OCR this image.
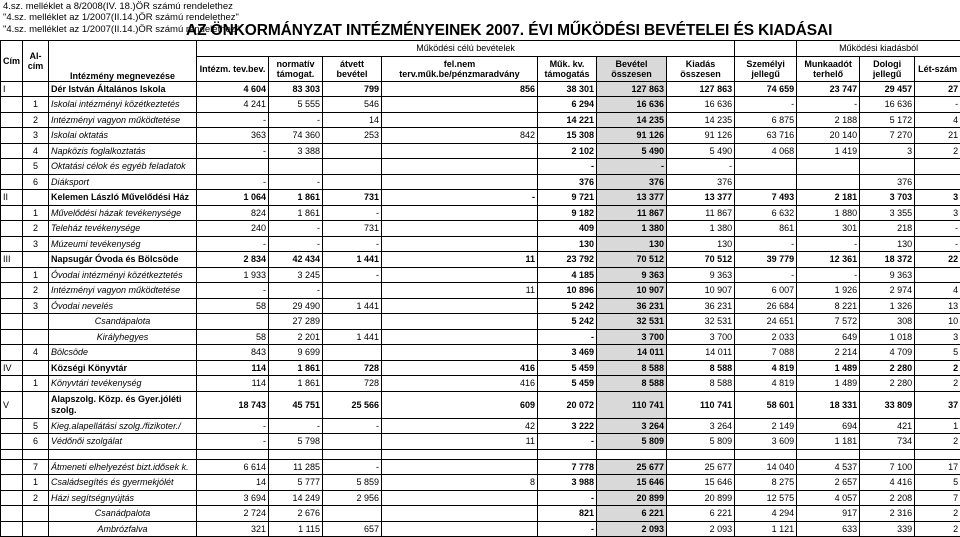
4.sz. melléklet a 8/2008(IV. 18.)ÖR számú rendelethez
"4.sz. melléklet az 1/2007(II.14.)ÖR számú rendelethez"
"4.sz. melléklet az 1/2007(II.14.)ÖR számú rendelethez"
AZ ÖNKORMÁNYZAT INTÉZMÉNYEINEK 2007. ÉVI MŰKÖDÉSI BEVÉTELEI ÉS KIADÁSAI
Cím	Al-cím	Intézmény megnevezése	Működési célú bevételek								Működési kiadásból		
			Intézm. tev.bev.	normatív támogat.	átvett bevétel	fel.nem terv.műk.be/pénzmaradvány	Műk. kv. támogatás	Bevétel összesen	Kiadás összesen	Személyi jellegű	Munkaadót terhelő	Dologi jellegű	Lét-szám
I		Dér István Általános Iskola	4 604	83 303	799	856	38 301	127 863	127 863	74 659	23 747	29 457	27
	1	Iskolai intézményi közétkeztetés	4 241	5 555	546		6 294	16 636	16 636	-	-	16 636	-
	2	Intézményi vagyon működtetése	-	-	14		14 221	14 235	14 235	6 875	2 188	5 172	4
	3	Iskolai oktatás	363	74 360	253	842	15 308	91 126	91 126	63 716	20 140	7 270	21
	4	Napközis foglalkoztatás	-	3 388			2 102	5 490	5 490	4 068	1 419	3	2
	5	Oktatási célok és egyéb feladatok					-	-	-				
	6	Diáksport	-	-			376	376	376			376	
II		Kelemen László Művelődési Ház	1 064	1 861	731	-	9 721	13 377	13 377	7 493	2 181	3 703	3
	1	Művelődési házak tevékenysége	824	1 861	-		9 182	11 867	11 867	6 632	1 880	3 355	3
	2	Teleház tevékenysége	240	-	731		409	1 380	1 380	861	301	218	-
	3	Múzeumi tevékenység	-	-	-		130	130	130	-	-	130	-
III		Napsugár Óvoda és Bölcsöde	2 834	42 434	1 441	11	23 792	70 512	70 512	39 779	12 361	18 372	22
	1	Óvodai intézményi közétkeztetés	1 933	3 245	-		4 185	9 363	9 363	-	-	9 363	
	2	Intézményi vagyon működtetése	-	-		11	10 896	10 907	10 907	6 007	1 926	2 974	4
	3	Óvodai nevelés	58	29 490	1 441		5 242	36 231	36 231	26 684	8 221	1 326	13
		Csandápalota		27 289			5 242	32 531	32 531	24 651	7 572	308	10
		Királyhegyes	58	2 201	1 441		-	3 700	3 700	2 033	649	1 018	3
	4	Bölcsöde	843	9 699			3 469	14 011	14 011	7 088	2 214	4 709	5
IV		Községi Könyvtár	114	1 861	728	416	5 459	8 588	8 588	4 819	1 489	2 280	2
	1	Könyvtári tevékenység	114	1 861	728	416	5 459	8 588	8 588	4 819	1 489	2 280	2
V		Alapszolg. Közp. és Gyer.jóléti szolg.	18 743	45 751	25 566	609	20 072	110 741	110 741	58 601	18 331	33 809	37
	5	Kieg.alapellátási szolg./fizikoter./	-	-	-	42	3 222	3 264	3 264	2 149	694	421	1
	6	Védőnői szolgálat	-	5 798		11	-	5 809	5 809	3 609	1 181	734	2

	7	Átmeneti elhelyezést bizt.idősek k.	6 614	11 285	-		7 778	25 677	25 677	14 040	4 537	7 100	17
	1	Családsegítés és gyermekjólét	14	5 777	5 859	8	3 988	15 646	15 646	8 275	2 657	4 416	5
	2	Házi segítségnyújtás	3 694	14 249	2 956		-	20 899	20 899	12 575	4 057	2 208	7
		Csanádpalota	2 724	2 676			821	6 221	6 221	4 294	917	2 316	2
		Ambrózfalva	321	1 115	657		-	2 093	2 093	1 121	633	339	2
